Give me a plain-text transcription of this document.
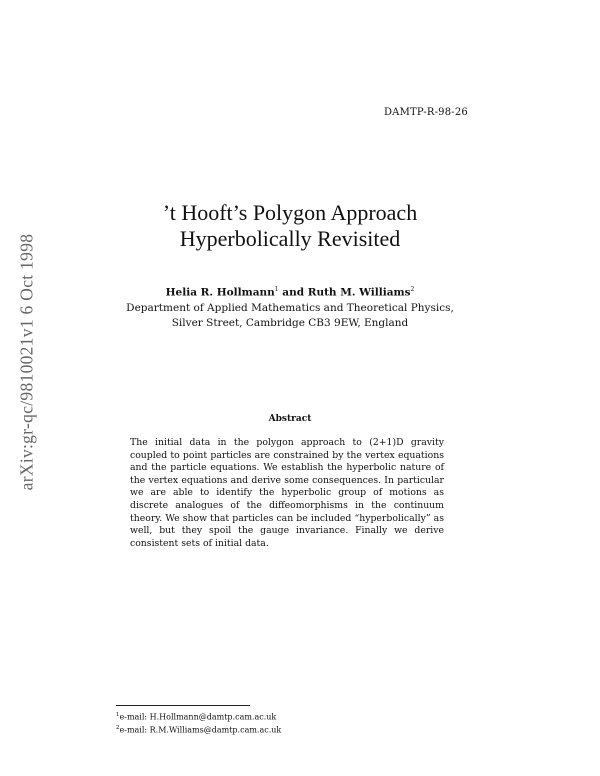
DAMTP-R-98-26
arXiv:gr-qc/9810021v1 6 Oct 1998
’t Hooft’s Polygon Approach
Hyperbolically Revisited
Helia R. Hollmann$^1$ and Ruth M. Williams$^2$
Department of Applied Mathematics and Theoretical Physics,
Silver Street, Cambridge CB3 9EW, England
Abstract

The initial data in the polygon approach to (2+1)D gravity coupled to point particles are constrained by the vertex equations and the particle equations. We establish the hyperbolic nature of the vertex equations and derive some consequences. In particular we are able to identify the hyperbolic group of motions as discrete analogues of the diffeomorphisms in the continuum theory. We show that particles can be included “hyperbolically” as well, but they spoil the gauge invariance. Finally we derive consistent sets of initial data.

$^1$e-mail: H.Hollmann@damtp.cam.ac.uk
$^2$e-mail: R.M.Williams@damtp.cam.ac.uk
